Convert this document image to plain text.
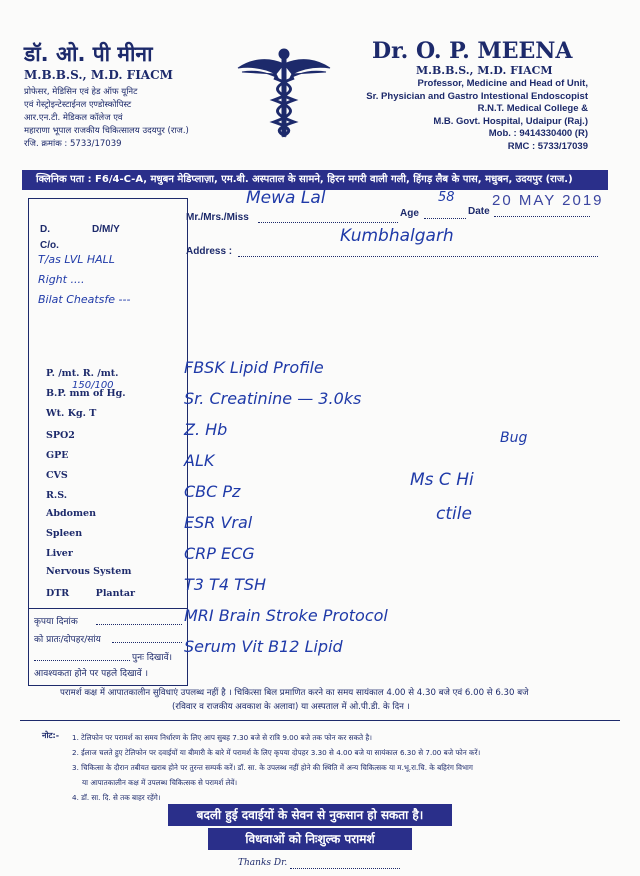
डॉ. ओ. पी मीना
M.B.B.S., M.D. FIACM
प्रोफेसर, मेडिसिन एवं हेड ऑफ यूनिट
एवं गेस्ट्रोइन्टेस्टाईनल एण्डोस्कोपिस्ट
आर.एन.टी. मेडिकल कॉलेज एवं
महाराणा भूपाल राजकीय चिकित्सालय उदयपुर (राज.)
रजि. क्रमांक : 5733/17039
Dr. O. P. MEENA
M.B.B.S., M.D. FIACM
Professor, Medicine and Head of Unit,
Sr. Physician and Gastro Intestional Endoscopist
R.N.T. Medical College &
M.B. Govt. Hospital, Udaipur (Raj.)
Mob. : 9414330400 (R)
RMC : 5733/17039
क्लिनिक पता : F6/4-C-A, मधुबन मेडिप्लाज़ा, एम.बी. अस्पताल के सामने, हिरन मगरी वाली गली, हिंगड़ लैब के पास, मधुबन, उदयपुर (राज.)
Mr./Mrs./Miss
Mewa Lal
Age
58
Date
20 MAY 2019
Address :
Kumbhalgarh
D.	D/M/Y
C/o.
T/as LVL HALL
Right ....
Bilat Cheatsfe ---
P. /mt. R. /mt.
B.P. mm of Hg.
150/100
Wt. Kg. T
SPO2
GPE
CVS
R.S.
Abdomen
Spleen
Liver
Nervous System
DTR	Plantar
कृपया दिनांक
को प्रातः/दोपहर/सांय
पुनः दिखावें।
आवश्यकता होने पर पहले दिखावें ।
FBSK Lipid Profile
Sr. Creatinine — 3.0ks
Z. Hb
ALK
CBC Pz
ESR Vral
CRP ECG
T3 T4 TSH
MRI Brain Stroke Protocol
Serum Vit B12 Lipid
Ms C Hi
Bug
ctile
परामर्श कक्ष में आपातकालीन सुविधाएं उपलब्ध नहीं है । चिकित्सा बिल प्रमाणित करने का समय सायंकाल 4.00 से 4.30 बजे एवं 6.00 से 6.30 बजे
(रविवार व राजकीय अवकाश के अलावा) या अस्पताल में ओ.पी.डी. के दिन ।
नोट:- 1. टेलिफोन पर परामर्श का समय निर्धारण के लिए आप सुबह 7.30 बजे से रात्रि 9.00 बजे तक फोन कर सकते है।
2. ईलाज चलते हुए टेलिफोन पर दवाईयों या बीमारी के बारे में परामर्श के लिए कृपया दोपहर 3.30 से 4.00 बजे या सायंकाल 6.30 से 7.00 बजे फोन करें।
3. चिकित्सा के दौरान तबीयत खराब होने पर तुरन्त सम्पर्क करें। डॉ. सा. के उपलब्ध नहीं होने की स्थिति में अन्य चिकित्सक या म.भू.रा.चि. के बहिरंग विभाग
या आपातकालीन कक्ष में उपलब्ध चिकित्सक से परामर्श लेवें।
4. डॉ. सा. दि. से तक बाहर रहेंगे।
बदली हुई दवाईयों के सेवन से नुकसान हो सकता है।
विधवाओं को निःशुल्क परामर्श
Thanks Dr.
